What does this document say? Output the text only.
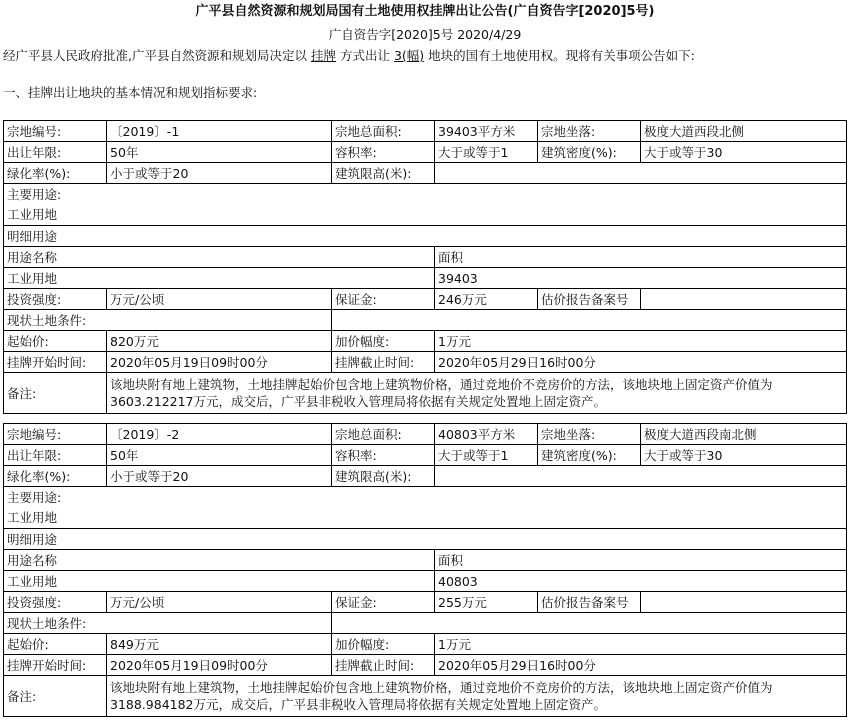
广平县自然资源和规划局国有土地使用权挂牌出让公告(广自资告字[2020]5号)
广自资告字[2020]5号 2020/4/29
经广平县人民政府批准,广平县自然资源和规划局决定以 挂牌 方式出让 3(幅) 地块的国有土地使用权。现将有关事项公告如下:
一、挂牌出让地块的基本情况和规划指标要求:
宗地编号:	〔2019〕-1	宗地总面积:	39403平方米	宗地坐落:	极度大道西段北侧
出让年限:	50年	容积率:	大于或等于1	建筑密度(%):	大于或等于30
绿化率(%):	小于或等于20	建筑限高(米):			
主要用途:					
工业用地					
明细用途					
用途名称			面积		
工业用地			39403		
投资强度:	万元/公顷	保证金:	246万元	估价报告备案号	
现状土地条件:					
起始价:	820万元	加价幅度:	1万元		
挂牌开始时间:	2020年05月19日09时00分	挂牌截止时间:	2020年05月29日16时00分		
备注:	该地块附有地上建筑物，土地挂牌起始价包含地上建筑物价格，通过竞地价不竞房价的方法，该地块地上固定资产价值为3603.212217万元，成交后，广平县非税收入管理局将依据有关规定处置地上固定资产。				
宗地编号:	〔2019〕-2	宗地总面积:	40803平方米	宗地坐落:	极度大道西段南北侧
出让年限:	50年	容积率:	大于或等于1	建筑密度(%):	大于或等于30
绿化率(%):	小于或等于20	建筑限高(米):			
主要用途:					
工业用地					
明细用途					
用途名称			面积		
工业用地			40803		
投资强度:	万元/公顷	保证金:	255万元	估价报告备案号	
现状土地条件:					
起始价:	849万元	加价幅度:	1万元		
挂牌开始时间:	2020年05月19日09时00分	挂牌截止时间:	2020年05月29日16时00分		
备注:	该地块附有地上建筑物，土地挂牌起始价包含地上建筑物价格，通过竞地价不竞房价的方法，该地块地上固定资产价值为3188.984182万元，成交后，广平县非税收入管理局将依据有关规定处置地上固定资产。				
